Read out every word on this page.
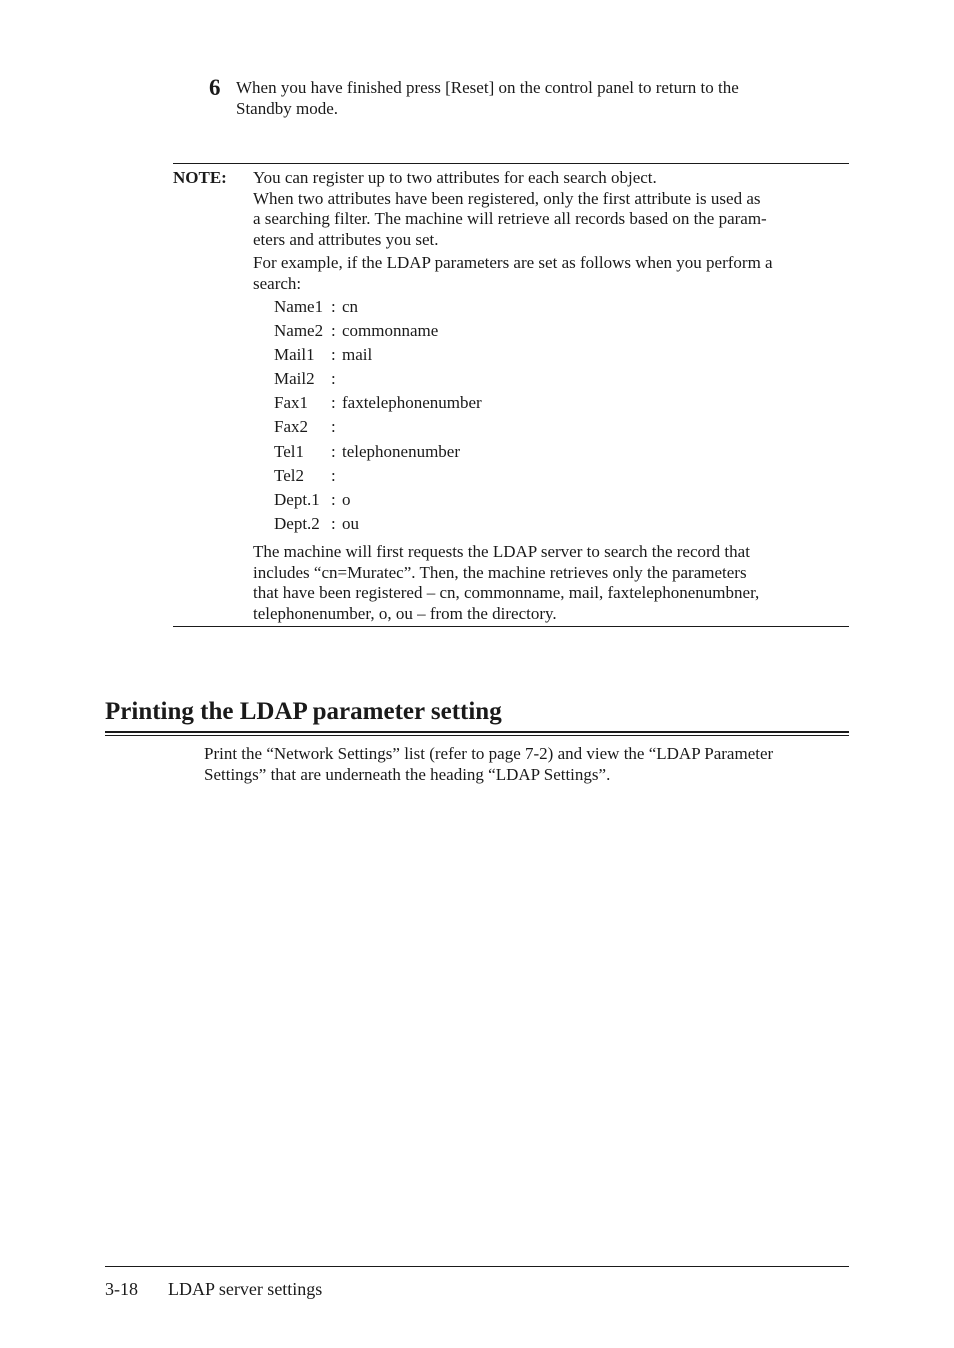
6 When you have finished press [Reset] on the control panel to return to the
Standby mode.
NOTE: You can register up to two attributes for each search object.
When two attributes have been registered, only the first attribute is used as
a searching filter. The machine will retrieve all records based on the param-
eters and attributes you set.
For example, if the LDAP parameters are set as follows when you perform a
search:
Name1 : cn
Name2 : commonname
Mail1 : mail
Mail2 :
Fax1 : faxtelephonenumber
Fax2 :
Tel1 : telephonenumber
Tel2 :
Dept.1 : o
Dept.2 : ou
The machine will first requests the LDAP server to search the record that
includes “cn=Muratec”. Then, the machine retrieves only the parameters
that have been registered – cn, commonname, mail, faxtelephonenumbner,
telephonenumber, o, ou – from the directory.
Printing the LDAP parameter setting
Print the “Network Settings” list (refer to page 7-2) and view the “LDAP Parameter
Settings” that are underneath the heading “LDAP Settings”.
3-18 LDAP server settings
